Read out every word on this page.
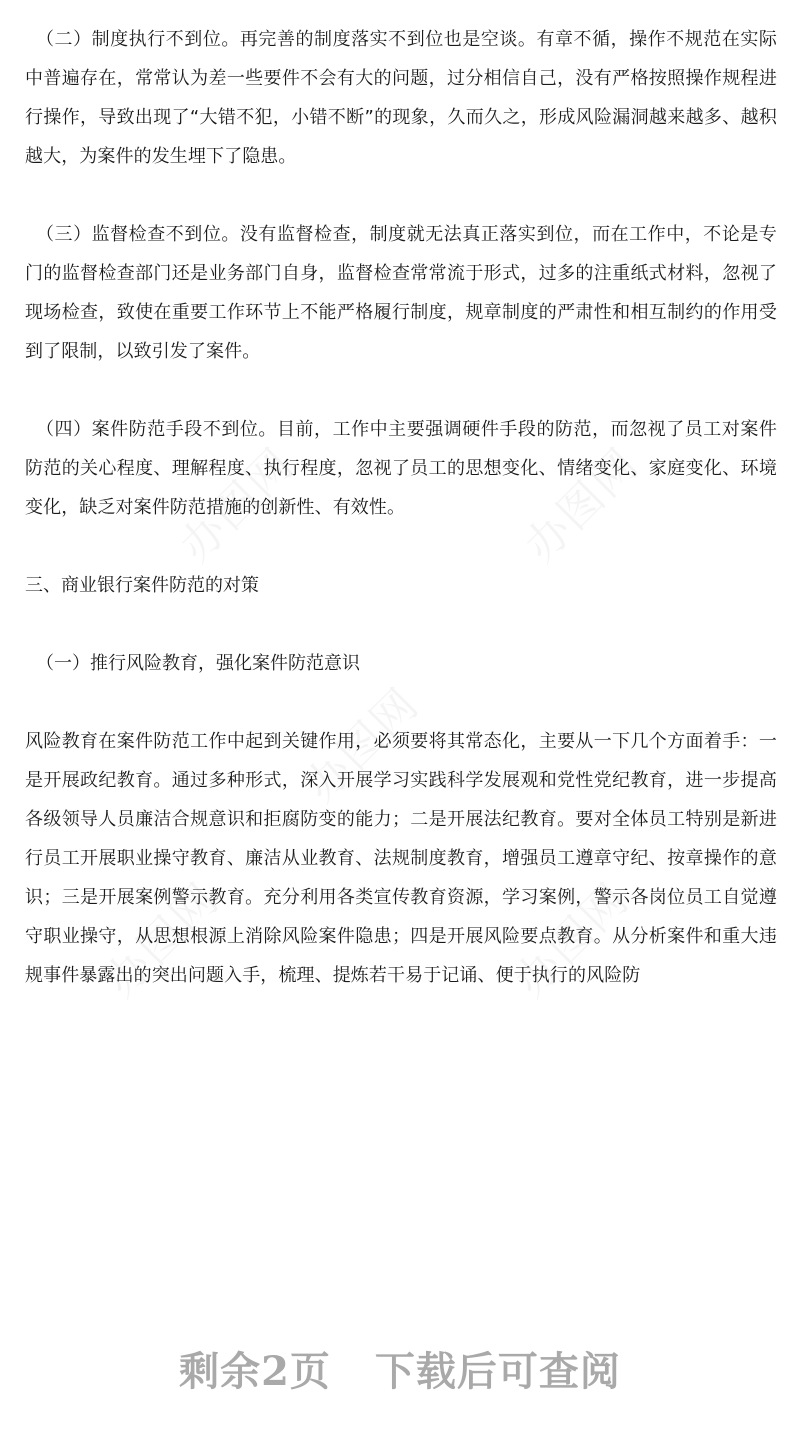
（二）制度执行不到位。再完善的制度落实不到位也是空谈。有章不循，操作不规范在实际中普遍存在，常常认为差一些要件不会有大的问题，过分相信自己，没有严格按照操作规程进行操作，导致出现了“大错不犯，小错不断”的现象，久而久之，形成风险漏洞越来越多、越积越大，为案件的发生埋下了隐患。

（三）监督检查不到位。没有监督检查，制度就无法真正落实到位，而在工作中，不论是专门的监督检查部门还是业务部门自身，监督检查常常流于形式，过多的注重纸式材料，忽视了现场检查，致使在重要工作环节上不能严格履行制度，规章制度的严肃性和相互制约的作用受到了限制，以致引发了案件。

（四）案件防范手段不到位。目前，工作中主要强调硬件手段的防范，而忽视了员工对案件防范的关心程度、理解程度、执行程度，忽视了员工的思想变化、情绪变化、家庭变化、环境变化，缺乏对案件防范措施的创新性、有效性。

三、商业银行案件防范的对策

（一）推行风险教育，强化案件防范意识

风险教育在案件防范工作中起到关键作用，必须要将其常态化，主要从一下几个方面着手：一是开展政纪教育。通过多种形式，深入开展学习实践科学发展观和党性党纪教育，进一步提高各级领导人员廉洁合规意识和拒腐防变的能力；二是开展法纪教育。要对全体员工特别是新进行员工开展职业操守教育、廉洁从业教育、法规制度教育，增强员工遵章守纪、按章操作的意识；三是开展案例警示教育。充分利用各类宣传教育资源，学习案例，警示各岗位员工自觉遵守职业操守，从思想根源上消除风险案件隐患；四是开展风险要点教育。从分析案件和重大违规事件暴露出的突出问题入手，梳理、提炼若干易于记诵、便于执行的风险防

剩余2页 下载后可查阅
